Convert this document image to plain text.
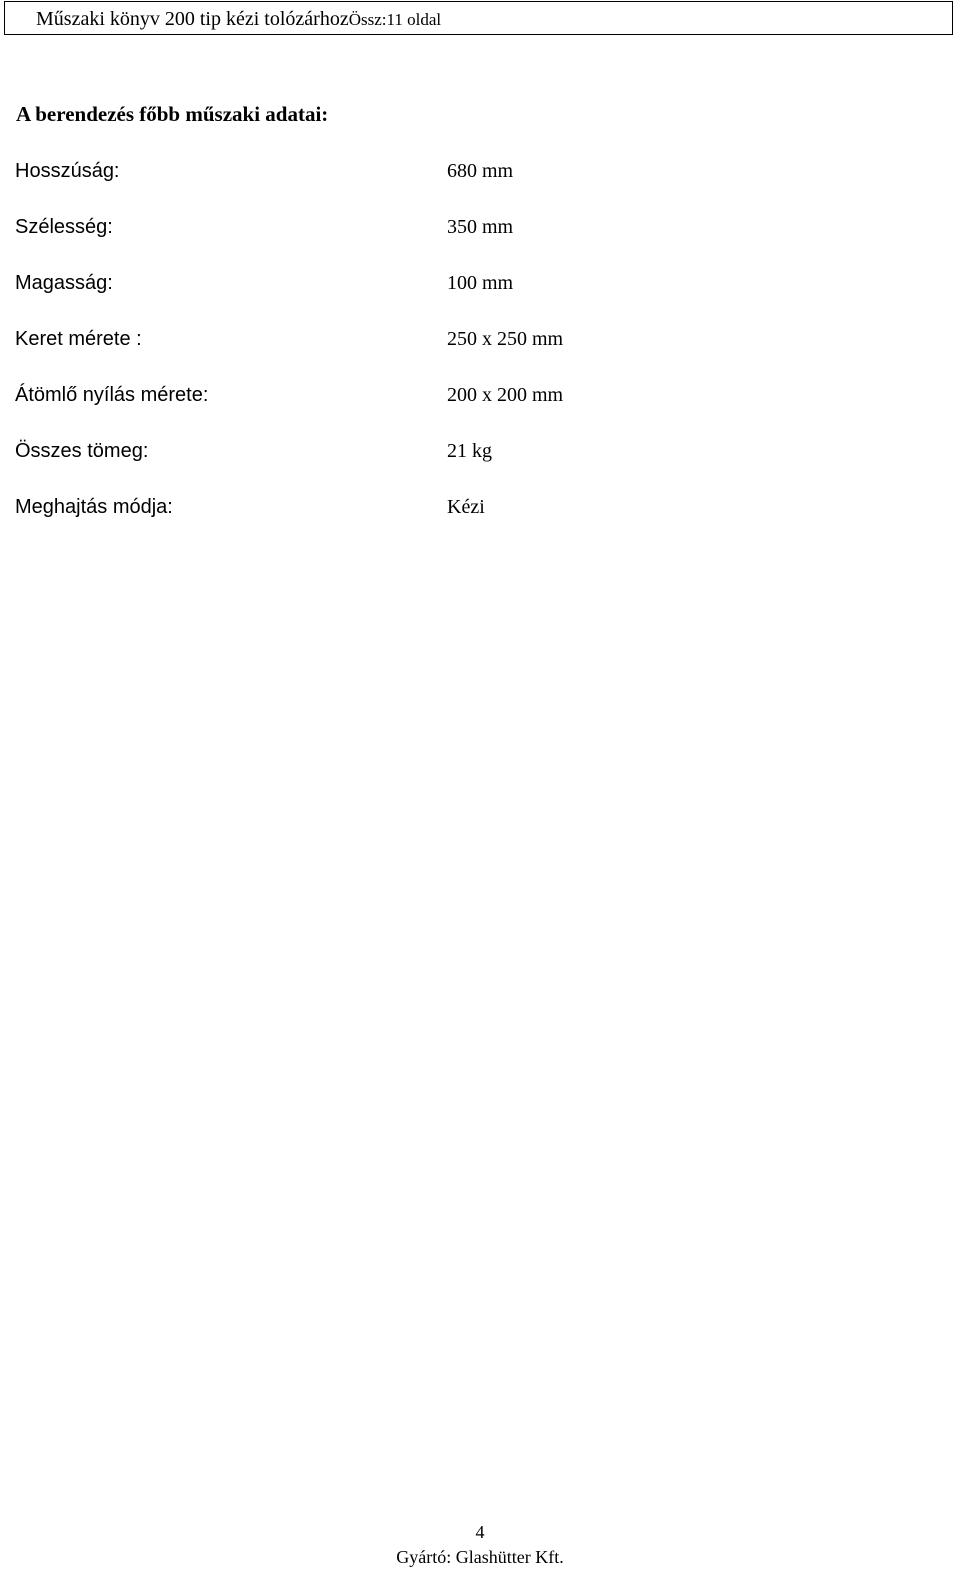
Műszaki könyv 200 tip kézi tolózárhozÖssz:11 oldal
A berendezés főbb műszaki adatai:
Hosszúság:	680 mm
Szélesség:	350 mm
Magasság:	100 mm
Keret mérete :	250 x 250 mm
Átömlő nyílás mérete:	200 x 200 mm
Összes tömeg:	21 kg
Meghajtás módja:	Kézi
4
Gyártó: Glashütter Kft.
